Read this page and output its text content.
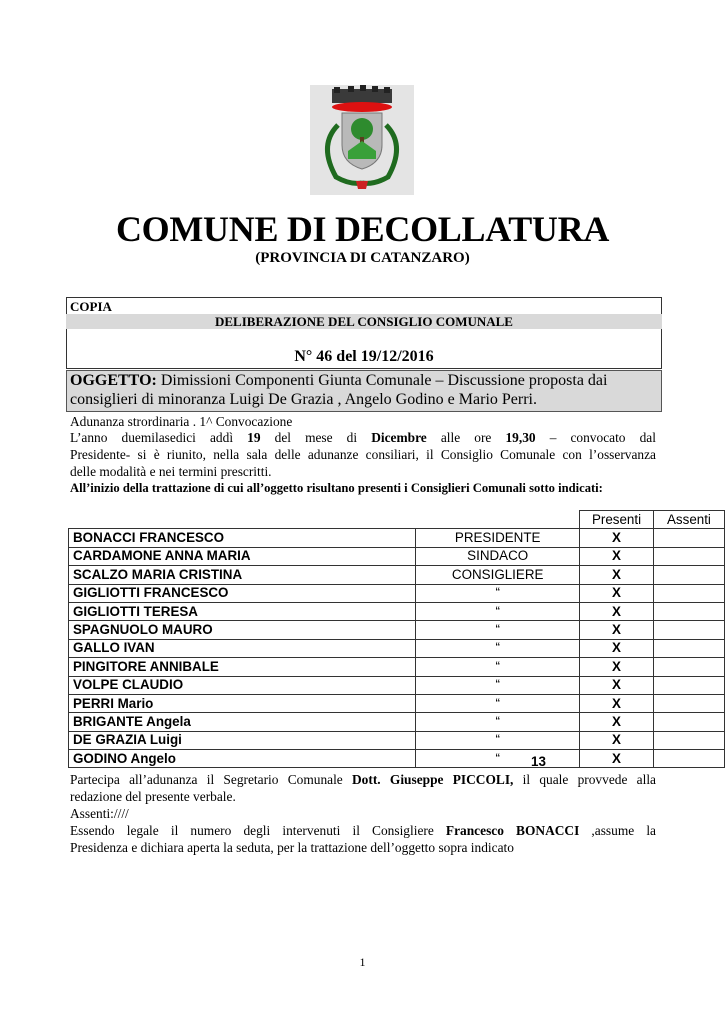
COMUNE DI DECOLLATURA
(PROVINCIA DI CATANZARO)
COPIA
DELIBERAZIONE DEL CONSIGLIO COMUNALE
N° 46 del 19/12/2016
OGGETTO: Dimissioni Componenti Giunta Comunale – Discussione proposta dai
consiglieri di minoranza Luigi De Grazia , Angelo Godino e Mario Perri.
Adunanza strordinaria . 1^ Convocazione
L’anno duemilasedici addì 19 del mese di Dicembre alle ore 19,30 – convocato dal
Presidente- si è riunito, nella sala delle adunanze consiliari, il Consiglio Comunale con l’osservanza
delle modalità e nei termini prescritti.
All’inizio della trattazione di cui all’oggetto risultano presenti i Consiglieri Comunali sotto indicati:
		Presenti	Assenti
BONACCI FRANCESCO	PRESIDENTE	X	
CARDAMONE ANNA MARIA	SINDACO	X	
SCALZO MARIA CRISTINA	CONSIGLIERE	X	
GIGLIOTTI FRANCESCO	“	X	
GIGLIOTTI TERESA	“	X	
SPAGNUOLO MAURO	“	X	
GALLO IVAN	“	X	
PINGITORE ANNIBALE	“	X	
VOLPE CLAUDIO	“	X	
PERRI Mario	“	X	
BRIGANTE Angela	“	X	
DE GRAZIA Luigi	“	X	
GODINO Angelo	“	X	
13
Partecipa all’adunanza il Segretario Comunale Dott. Giuseppe PICCOLI, il quale provvede alla
redazione del presente verbale.
Assenti:////
Essendo legale il numero degli intervenuti il Consigliere Francesco BONACCI ,assume la
Presidenza e dichiara aperta la seduta, per la trattazione dell’oggetto sopra indicato
1
